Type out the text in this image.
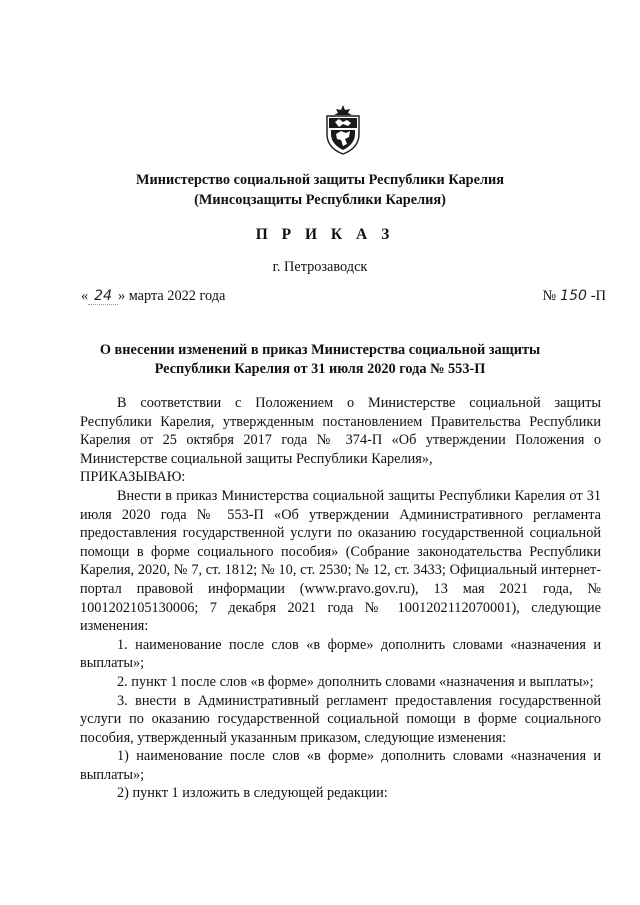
Министерство социальной защиты Республики Карелия
(Минсоцзащиты Республики Карелия)
П Р И К А З
г. Петрозаводск
« 24 » марта 2022 года	№ 150 -П
О внесении изменений в приказ Министерства социальной защиты
Республики Карелия от 31 июля 2020 года № 553-П

В соответствии с Положением о Министерстве социальной защиты Республики Карелия, утвержденным постановлением Правительства Республики Карелия от 25 октября 2017 года № 374-П «Об утверждении Положения о Министерстве социальной защиты Республики Карелия»,

ПРИКАЗЫВАЮ:

Внести в приказ Министерства социальной защиты Республики Карелия от 31 июля 2020 года № 553-П «Об утверждении Административного регламента предоставления государственной услуги по оказанию государственной социальной помощи в форме социального пособия» (Собрание законодательства Республики Карелия, 2020, № 7, ст. 1812; № 10, ст. 2530; № 12, ст. 3433; Официальный интернет-портал правовой информации (www.pravo.gov.ru), 13 мая 2021 года, № 1001202105130006; 7 декабря 2021 года № 1001202112070001), следующие изменения:

1. наименование после слов «в форме» дополнить словами «назначения и выплаты»;

2. пункт 1 после слов «в форме» дополнить словами «назначения и выплаты»;

3. внести в Административный регламент предоставления государственной услуги по оказанию государственной социальной помощи в форме социального пособия, утвержденный указанным приказом, следующие изменения:

1) наименование после слов «в форме» дополнить словами «назначения и выплаты»;

2) пункт 1 изложить в следующей редакции:
